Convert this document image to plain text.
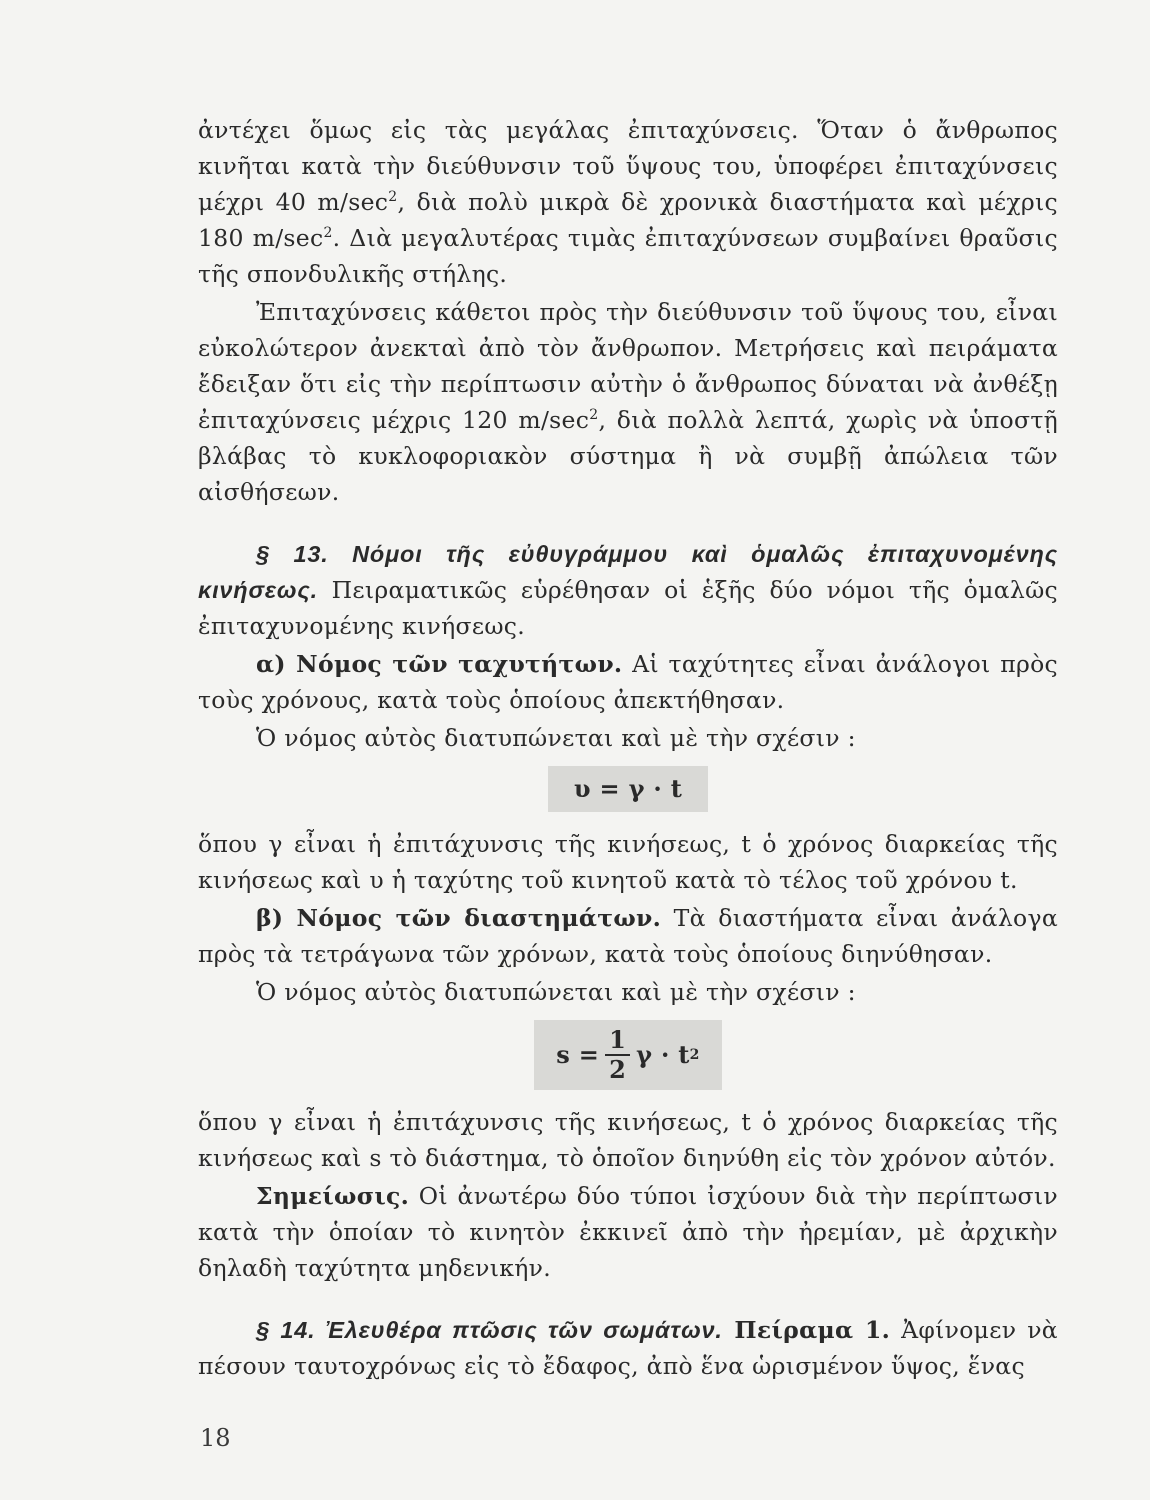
ἀντέχει ὅμως εἰς τὰς μεγάλας ἐπιταχύνσεις. Ὅταν ὁ ἄνθρωπος κινῆται κατὰ τὴν διεύθυνσιν τοῦ ὕψους του, ὑποφέρει ἐπιταχύνσεις μέχρι 40 $m/\sec^2$, διὰ πολὺ μικρὰ δὲ χρονικὰ διαστήματα καὶ μέχρις 180 $m/\sec^2$. Διὰ μεγαλυτέρας τιμὰς ἐπιταχύνσεων συμβαίνει θραῦσις τῆς σπονδυλικῆς στήλης.

Ἐπιταχύνσεις κάθετοι πρὸς τὴν διεύθυνσιν τοῦ ὕψους του, εἶναι εὐκολώτερον ἀνεκταὶ ἀπὸ τὸν ἄνθρωπον. Μετρήσεις καὶ πειράματα ἔδειξαν ὅτι εἰς τὴν περίπτωσιν αὐτὴν ὁ ἄνθρωπος δύναται νὰ ἀνθέξῃ ἐπιταχύνσεις μέχρις 120 $m/\sec^2$, διὰ πολλὰ λεπτά, χωρὶς νὰ ὑποστῇ βλάβας τὸ κυκλοφοριακὸν σύστημα ἢ νὰ συμβῇ ἀπώλεια τῶν αἰσθήσεων.

§ 13. Νόμοι τῆς εὐθυγράμμου καὶ ὁμαλῶς ἐπιταχυνομένης κινήσεως. Πειραματικῶς εὑρέθησαν οἱ ἑξῆς δύο νόμοι τῆς ὁμαλῶς ἐπιταχυνομένης κινήσεως.

α) Νόμος τῶν ταχυτήτων. Αἱ ταχύτητες εἶναι ἀνάλογοι πρὸς τοὺς χρόνους, κατὰ τοὺς ὁποίους ἀπεκτήθησαν.

Ὁ νόμος αὐτὸς διατυπώνεται καὶ μὲ τὴν σχέσιν :

υ = γ · t

ὅπου γ εἶναι ἡ ἐπιτάχυνσις τῆς κινήσεως, t ὁ χρόνος διαρκείας τῆς κινήσεως καὶ υ ἡ ταχύτης τοῦ κινητοῦ κατὰ τὸ τέλος τοῦ χρόνου t.

β) Νόμος τῶν διαστημάτων. Τὰ διαστήματα εἶναι ἀνάλογα πρὸς τὰ τετράγωνα τῶν χρόνων, κατὰ τοὺς ὁποίους διηνύθησαν.

Ὁ νόμος αὐτὸς διατυπώνεται καὶ μὲ τὴν σχέσιν :

$s = \frac{1}{2}$ γ · t 2

ὅπου γ εἶναι ἡ ἐπιτάχυνσις τῆς κινήσεως, t ὁ χρόνος διαρκείας τῆς κινήσεως καὶ s τὸ διάστημα, τὸ ὁποῖον διηνύθη εἰς τὸν χρόνον αὐτόν.

Σημείωσις. Οἱ ἀνωτέρω δύο τύποι ἰσχύουν διὰ τὴν περίπτωσιν κατὰ τὴν ὁποίαν τὸ κινητὸν ἐκκινεῖ ἀπὸ τὴν ἠρεμίαν, μὲ ἀρχικὴν δηλαδὴ ταχύτητα μηδενικήν.

§ 14. Ἐλευθέρα πτῶσις τῶν σωμάτων. Πείραμα 1. Ἀφίνομεν νὰ πέσουν ταυτοχρόνως εἰς τὸ ἔδαφος, ἀπὸ ἕνα ὡρισμένον ὕψος, ἕνας

18
